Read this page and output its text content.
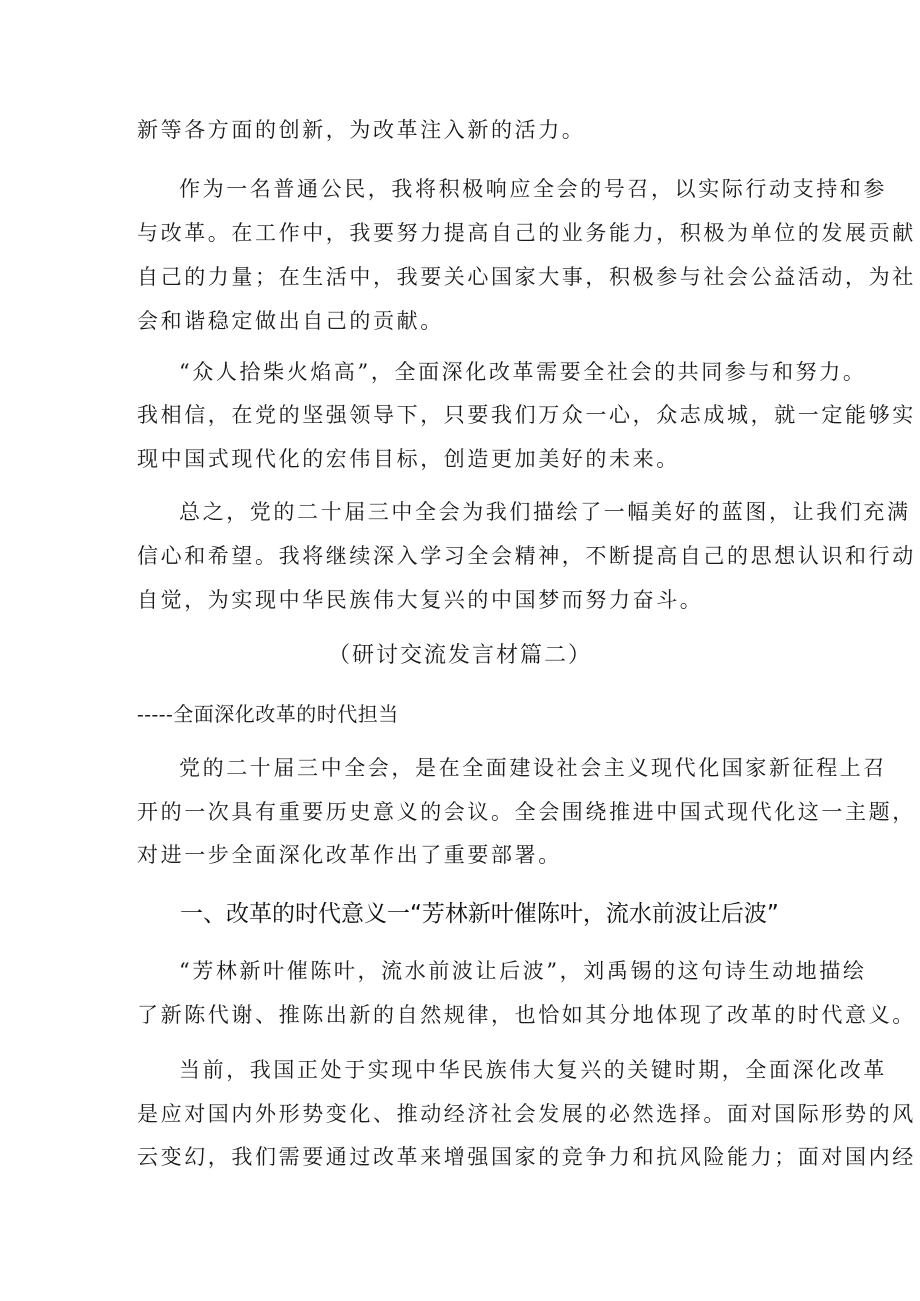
新等各方面的创新，为改革注入新的活力。
作为一名普通公民，我将积极响应全会的号召，以实际行动支持和参
与改革。在工作中，我要努力提高自己的业务能力，积极为单位的发展贡献
自己的力量；在生活中，我要关心国家大事，积极参与社会公益活动，为社
会和谐稳定做出自己的贡献。
“众人拾柴火焰高”，全面深化改革需要全社会的共同参与和努力。
我相信，在党的坚强领导下，只要我们万众一心，众志成城，就一定能够实
现中国式现代化的宏伟目标，创造更加美好的未来。
总之，党的二十届三中全会为我们描绘了一幅美好的蓝图，让我们充满
信心和希望。我将继续深入学习全会精神，不断提高自己的思想认识和行动
自觉，为实现中华民族伟大复兴的中国梦而努力奋斗。
（研讨交流发言材篇二）
-----全面深化改革的时代担当
党的二十届三中全会，是在全面建设社会主义现代化国家新征程上召
开的一次具有重要历史意义的会议。全会围绕推进中国式现代化这一主题，
对进一步全面深化改革作出了重要部署。
一、改革的时代意义一“芳林新叶催陈叶，流水前波让后波”
“芳林新叶催陈叶，流水前波让后波”，刘禹锡的这句诗生动地描绘
了新陈代谢、推陈出新的自然规律，也恰如其分地体现了改革的时代意义。
当前，我国正处于实现中华民族伟大复兴的关键时期，全面深化改革
是应对国内外形势变化、推动经济社会发展的必然选择。面对国际形势的风
云变幻，我们需要通过改革来增强国家的竞争力和抗风险能力；面对国内经
